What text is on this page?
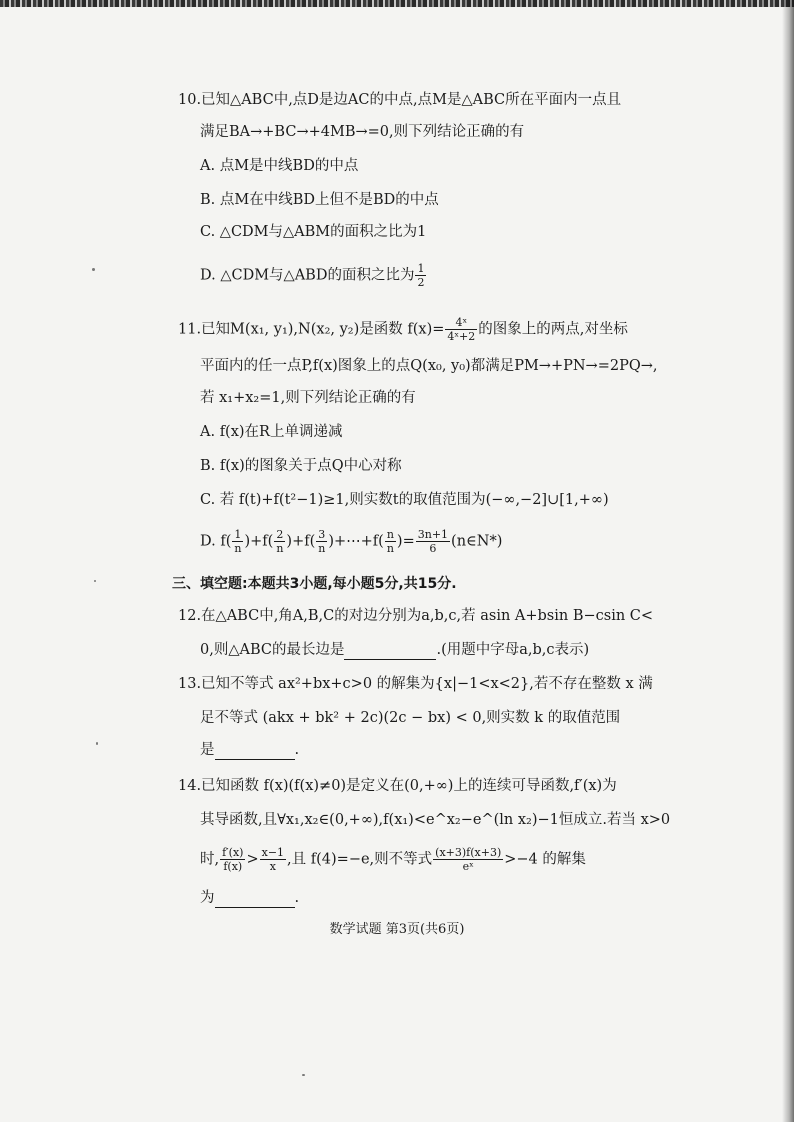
10.已知△ABC中,点D是边AC的中点,点M是△ABC所在平面内一点且
满足BA→+BC→+4MB→=0,则下列结论正确的有
A. 点M是中线BD的中点
B. 点M在中线BD上但不是BD的中点
C. △CDM与△ABM的面积之比为1
D. △CDM与△ABD的面积之比为 $\frac{1}{2}$
11.已知M(x₁, y₁),N(x₂, y₂)是函数 $f(x)= \frac{\text{4ˣ}}{\text{4ˣ+2}}$ 的图象上的两点,对坐标
平面内的任一点P,f(x)图象上的点Q(x₀, y₀)都满足PM→+PN→=2PQ→,
若 x₁+x₂=1,则下列结论正确的有
A. f(x)在R上单调递减
B. f(x)的图象关于点Q中心对称
C. 若 f(t)+f(t²−1)≥1,则实数t的取值范围为(−∞,−2]∪[1,+∞)
D. $f( \frac{1}{n} )+f( \frac{2}{n} )+f( \frac{3}{n}$ )+⋯+f( $\frac{n}{n}$ )= $\frac{3n+1}{6}$ (n∈N*)
三、填空题:本题共3小题,每小题5分,共15分.
12.在△ABC中,角A,B,C的对边分别为a,b,c,若 asin A+bsin B−csin C<
0,则△ABC的最长边是	.(用题中字母a,b,c表示)
13.已知不等式 ax²+bx+c>0 的解集为{x|−1<x<2},若不存在整数 x 满
足不等式 (akx + bk² + 2c)(2c − bx) < 0,则实数 k 的取值范围
是	.
14.已知函数 f(x)(f(x)≠0)是定义在(0,+∞)上的连续可导函数,f′(x)为
其导函数,且∀x₁,x₂∈(0,+∞),f(x₁)<e^x₂−e^(ln x₂)−1恒成立.若当 x>0
时, $\frac{f'(x)}{f(x)} > \frac{x-1}{x}$ ,且 f(4)=−e,则不等式 $\frac{(x+3)f(x+3)}{\text{eˣ}} >-4$ 的解集
为	.
数学试题 第3页(共6页)
